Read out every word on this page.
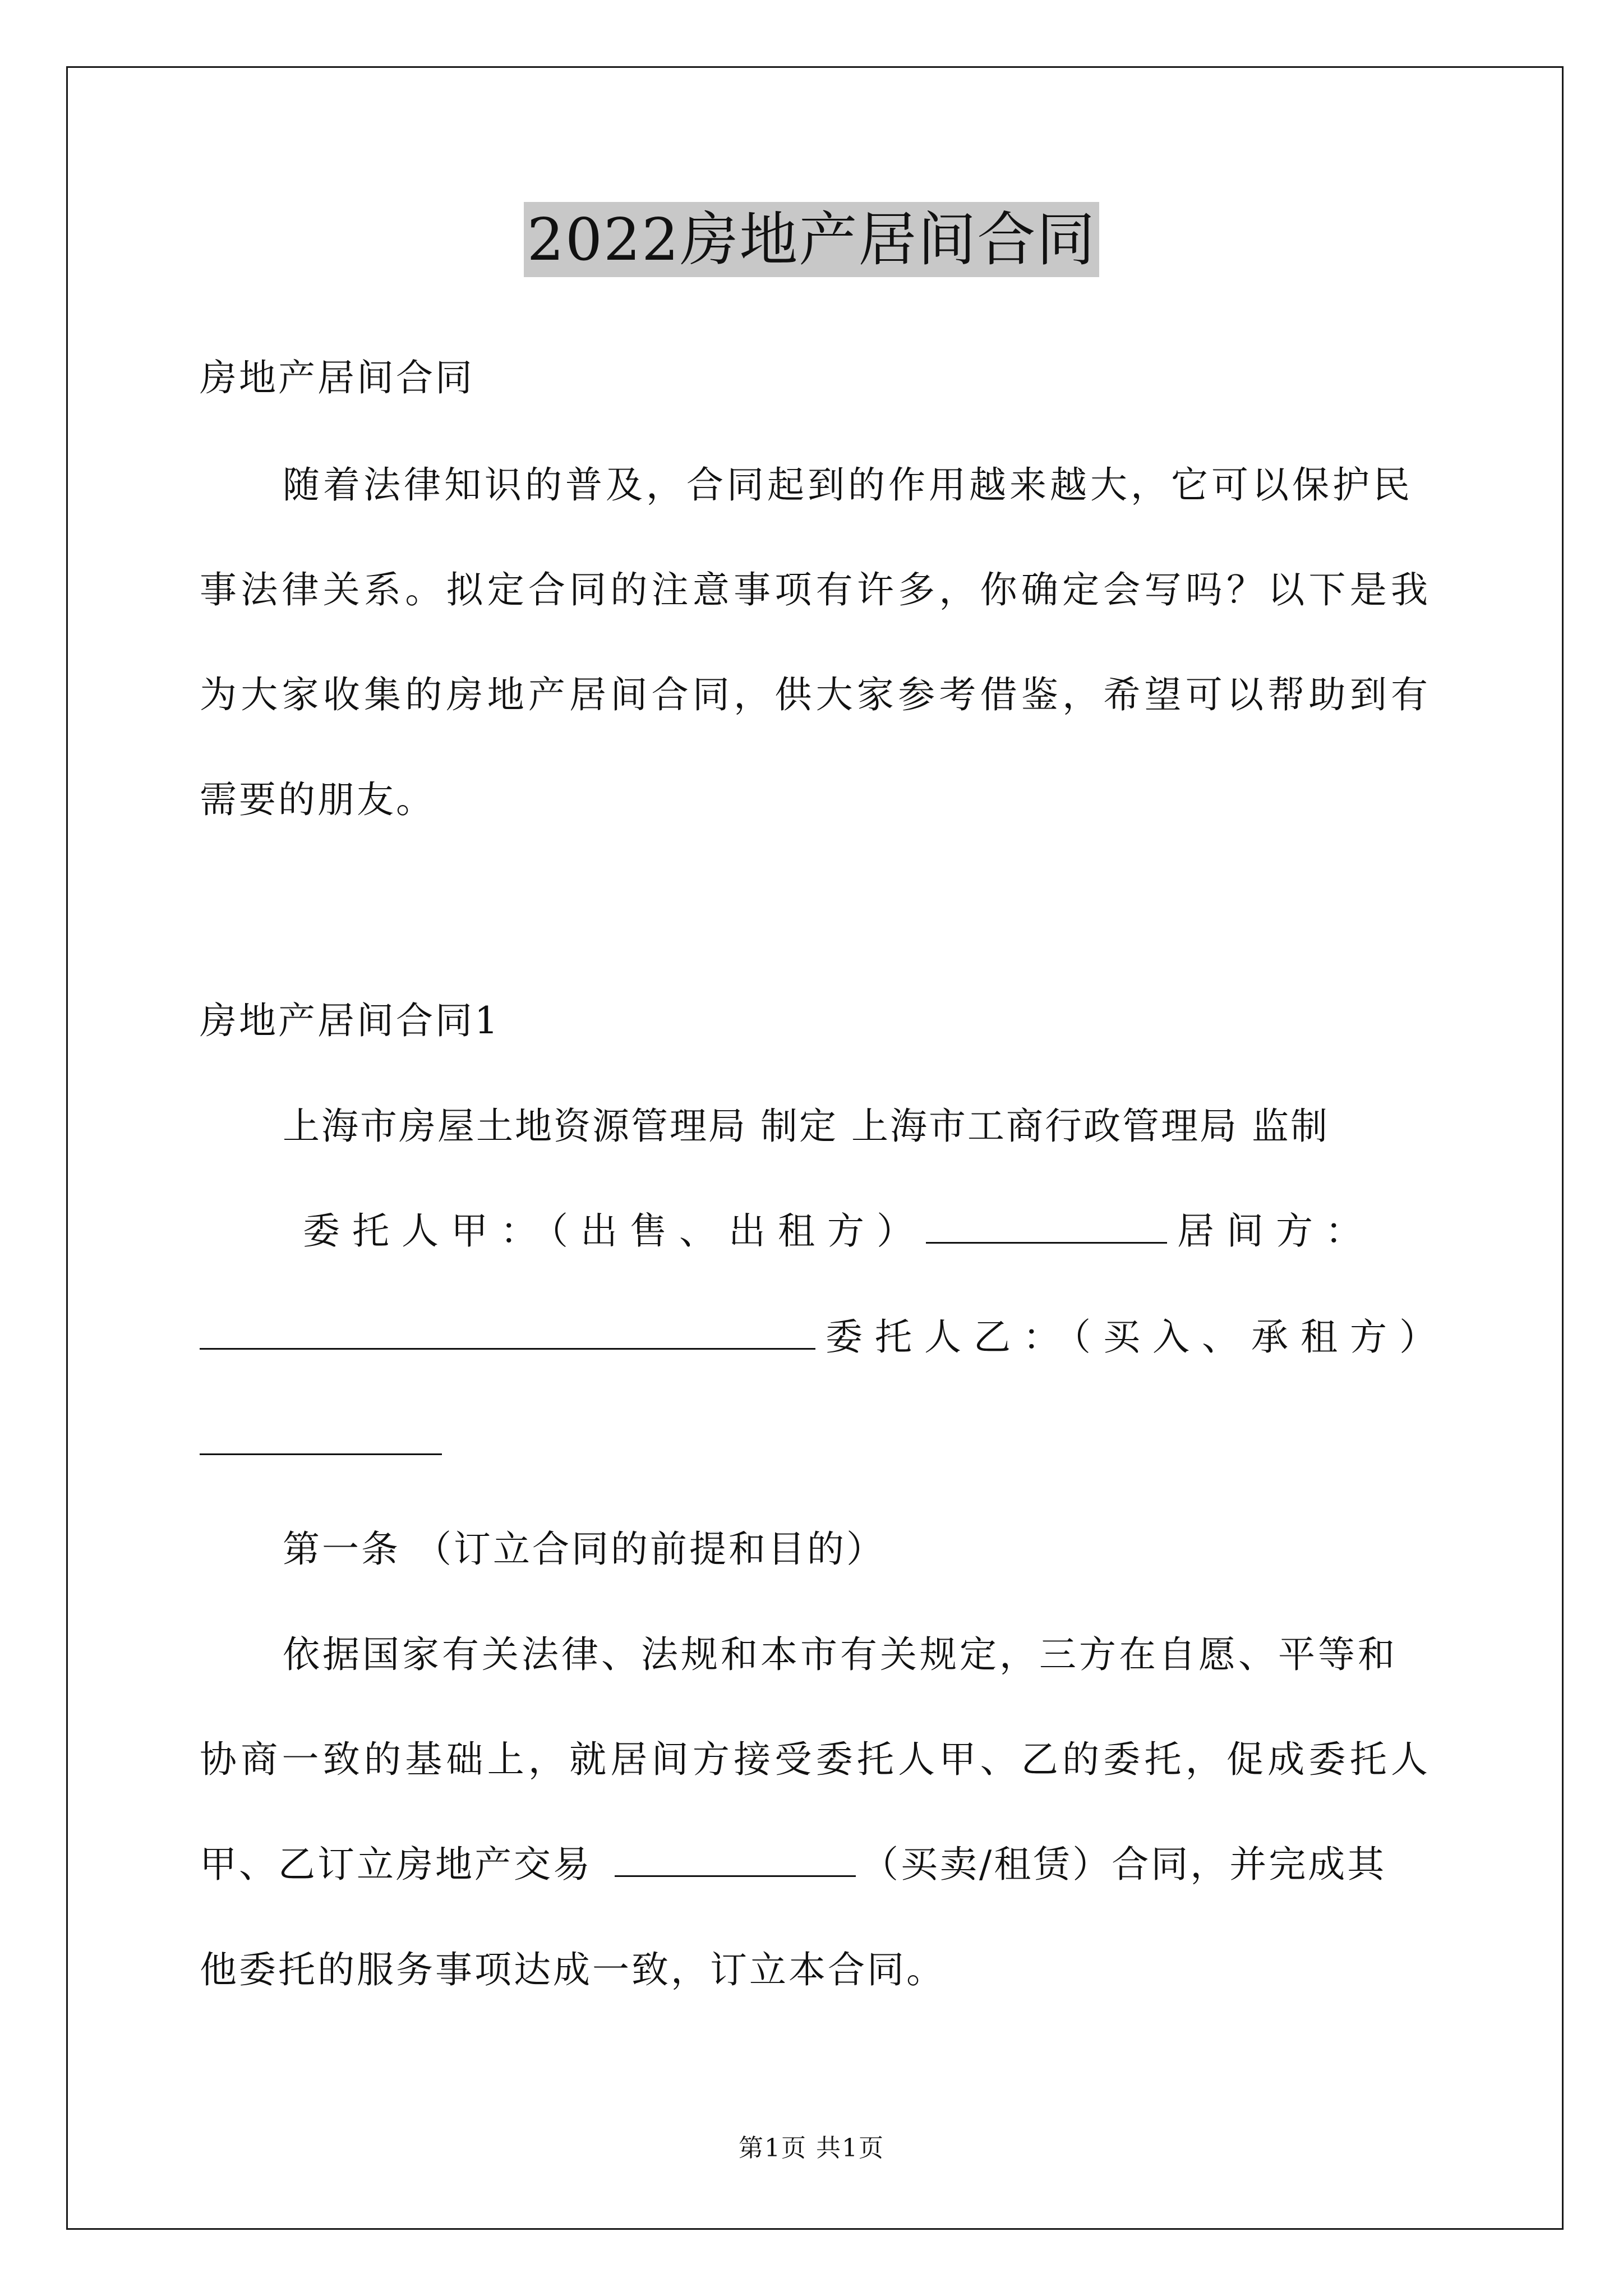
2022房地产居间合同
房地产居间合同
随着法律知识的普及，合同起到的作用越来越大，它可以保护民
事法律关系。拟定合同的注意事项有许多，你确定会写吗？以下是我
为大家收集的房地产居间合同，供大家参考借鉴，希望可以帮助到有
需要的朋友。
房地产居间合同1
上海市房屋土地资源管理局 制定 上海市工商行政管理局 监制
委托人甲：（出售、出租方）	居间方：
委托人乙：（买入、承租方）
第一条 （订立合同的前提和目的）
依据国家有关法律、法规和本市有关规定，三方在自愿、平等和
协商一致的基础上，就居间方接受委托人甲、乙的委托，促成委托人
甲、乙订立房地产交易	（买卖/租赁）合同，并完成其
他委托的服务事项达成一致，订立本合同。
第1页 共1页
